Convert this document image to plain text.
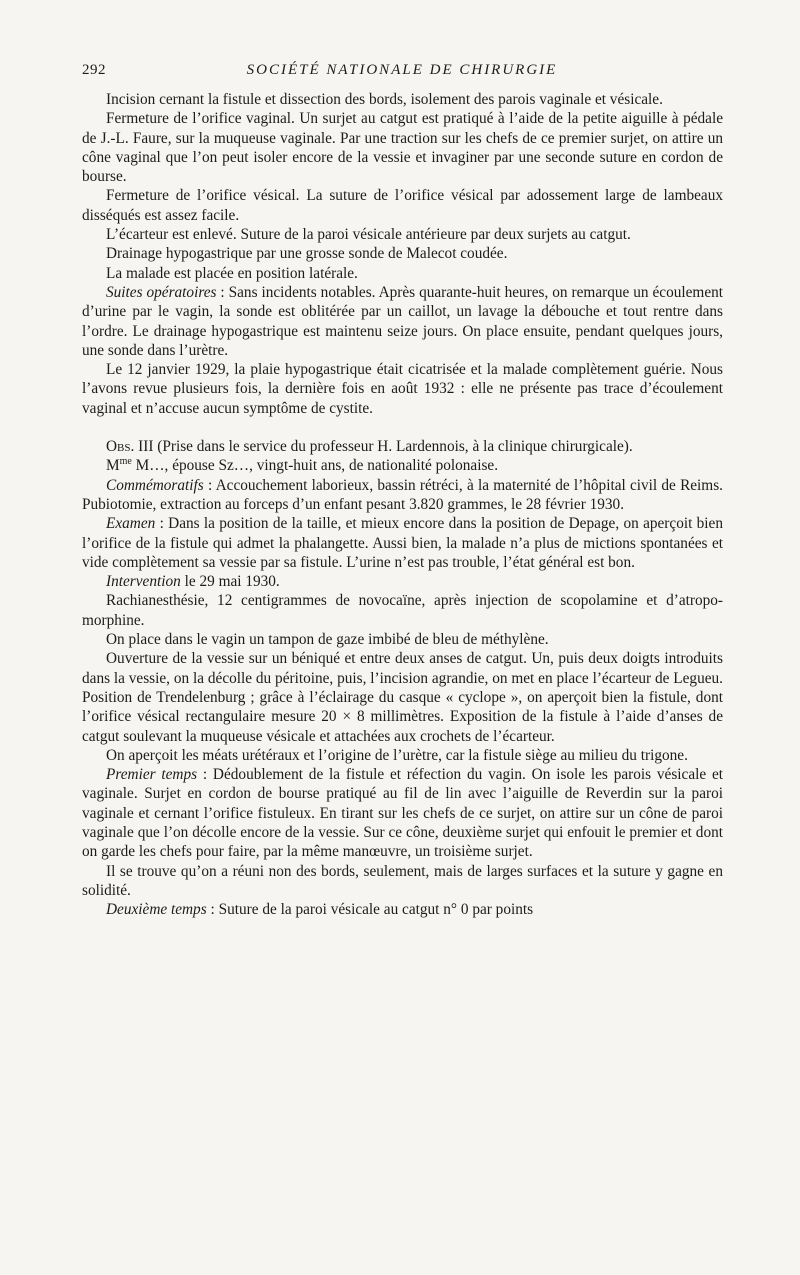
292	SOCIÉTÉ NATIONALE DE CHIRURGIE

Incision cernant la fistule et dissection des bords, isolement des parois vaginale et vésicale.

Fermeture de l’orifice vaginal. Un surjet au catgut est pratiqué à l’aide de la petite aiguille à pédale de J.-L. Faure, sur la muqueuse vaginale. Par une traction sur les chefs de ce premier surjet, on attire un cône vaginal que l’on peut isoler encore de la vessie et invaginer par une seconde suture en cordon de bourse.

Fermeture de l’orifice vésical. La suture de l’orifice vésical par adossement large de lambeaux disséqués est assez facile.

L’écarteur est enlevé. Suture de la paroi vésicale antérieure par deux surjets au catgut.

Drainage hypogastrique par une grosse sonde de Malecot coudée.

La malade est placée en position latérale.

Suites opératoires : Sans incidents notables. Après quarante-huit heures, on remarque un écoulement d’urine par le vagin, la sonde est oblitérée par un caillot, un lavage la débouche et tout rentre dans l’ordre. Le drainage hypogastrique est maintenu seize jours. On place ensuite, pendant quelques jours, une sonde dans l’urètre.

Le 12 janvier 1929, la plaie hypogastrique était cicatrisée et la malade complètement guérie. Nous l’avons revue plusieurs fois, la dernière fois en août 1932 : elle ne présente pas trace d’écoulement vaginal et n’accuse aucun symptôme de cystite.

Obs. III (Prise dans le service du professeur H. Lardennois, à la clinique chirurgicale).

$M^{me}$ M…, épouse Sz…, vingt-huit ans, de nationalité polonaise.

Commémoratifs : Accouchement laborieux, bassin rétréci, à la maternité de l’hôpital civil de Reims. Pubiotomie, extraction au forceps d’un enfant pesant 3.820 grammes, le 28 février 1930.

Examen : Dans la position de la taille, et mieux encore dans la position de Depage, on aperçoit bien l’orifice de la fistule qui admet la phalangette. Aussi bien, la malade n’a plus de mictions spontanées et vide complètement sa vessie par sa fistule. L’urine n’est pas trouble, l’état général est bon.

Intervention le 29 mai 1930.

Rachianesthésie, 12 centigrammes de novocaïne, après injection de scopolamine et d’atropo-morphine.

On place dans le vagin un tampon de gaze imbibé de bleu de méthylène.

Ouverture de la vessie sur un béniqué et entre deux anses de catgut. Un, puis deux doigts introduits dans la vessie, on la décolle du péritoine, puis, l’incision agrandie, on met en place l’écarteur de Legueu. Position de Trendelenburg ; grâce à l’éclairage du casque « cyclope », on aperçoit bien la fistule, dont l’orifice vésical rectangulaire mesure 20 × 8 millimètres. Exposition de la fistule à l’aide d’anses de catgut soulevant la muqueuse vésicale et attachées aux crochets de l’écarteur.

On aperçoit les méats urétéraux et l’origine de l’urètre, car la fistule siège au milieu du trigone.

Premier temps : Dédoublement de la fistule et réfection du vagin. On isole les parois vésicale et vaginale. Surjet en cordon de bourse pratiqué au fil de lin avec l’aiguille de Reverdin sur la paroi vaginale et cernant l’orifice fistuleux. En tirant sur les chefs de ce surjet, on attire sur un cône de paroi vaginale que l’on décolle encore de la vessie. Sur ce cône, deuxième surjet qui enfouit le premier et dont on garde les chefs pour faire, par la même manœuvre, un troisième surjet.

Il se trouve qu’on a réuni non des bords, seulement, mais de larges surfaces et la suture y gagne en solidité.

Deuxième temps : Suture de la paroi vésicale au catgut n° 0 par points
